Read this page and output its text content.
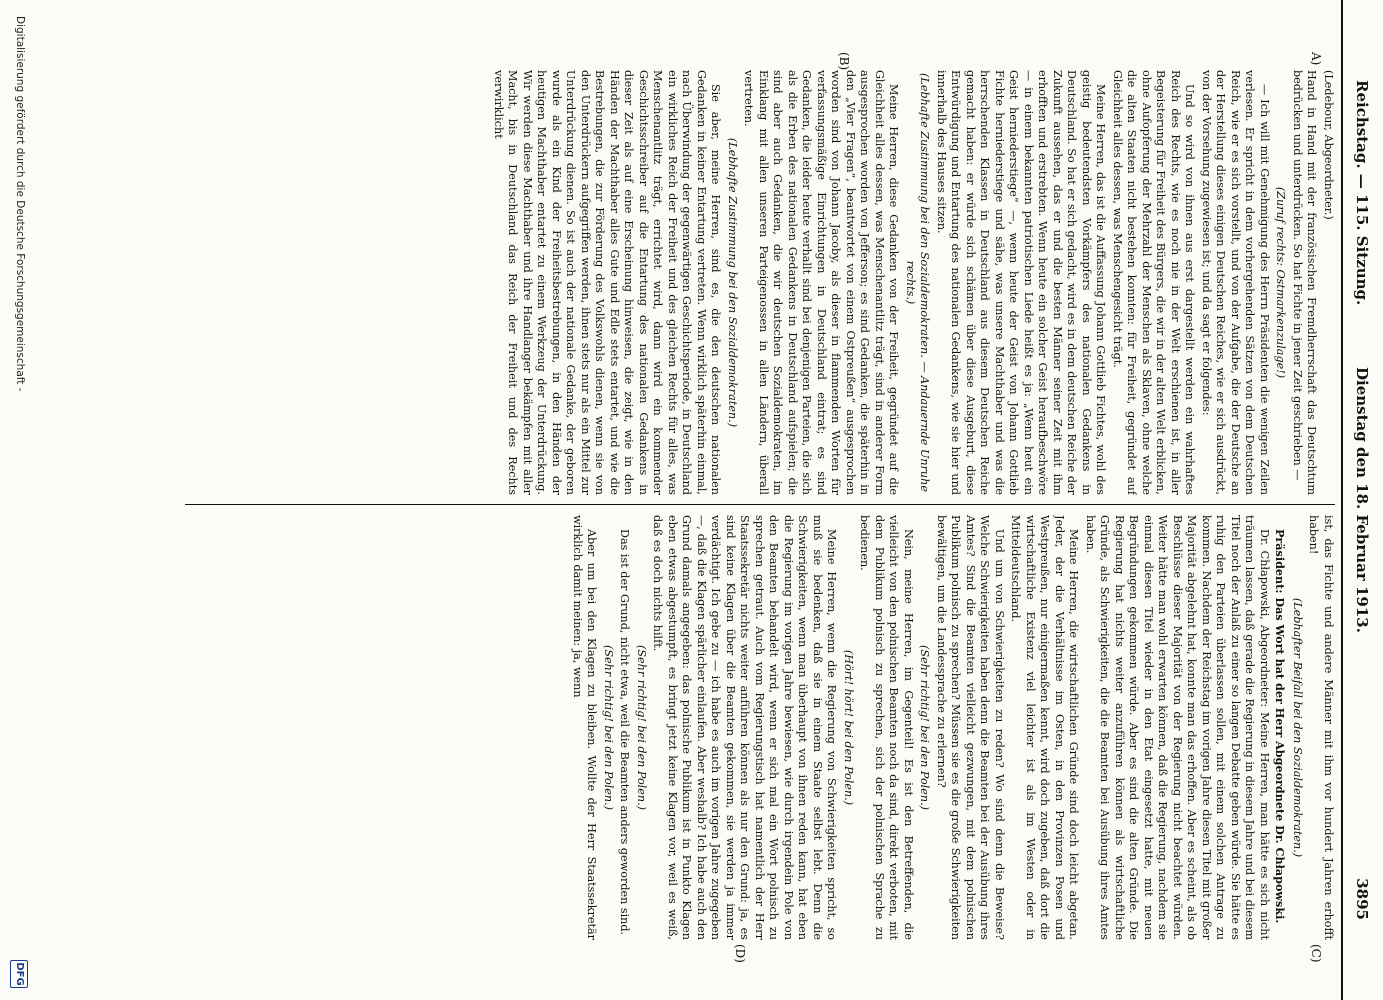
Reichstag. — 115. Sitzung.
Dienstag den 18. Februar 1913.
3895
A)
(B)
(C)
(D)

(Ledebour, Abgeordneter.)

Hand in Hand mit der französischen Fremdherrschaft das Deutschtum bedrücken und unterdrücken. So hat Fichte in jener Zeit geschrieben —

(Zuruf rechts: Ostmarkenzulage!)

— Ich will mit Genehmigung des Herrn Präsidenten die wenigen Zeilen verlesen. Er spricht in dem vorhergehenden Sätzen von dem Deutschen Reich, wie er es sich vorstellt, und von der Aufgabe, die der Deutsche an der Herstellung dieses einigen Deutschen Reiches, wie er sich ausdrückt, von der Vorsehung zugewiesen ist; und da sagt er folgendes:

Und so wird von ihnen aus erst dargestellt werden ein wahrhaftes Reich des Rechts, wie es noch nie in der Welt erschienen ist, in aller Begeisterung für Freiheit des Bürgers, die wir in der alten Welt erblicken, ohne Aufopferung der Mehrzahl der Menschen als Sklaven, ohne welche die alten Staaten nicht bestehen konnten: für Freiheit, gegründet auf Gleichheit alles dessen, was Menschengesicht trägt.

Meine Herren, das ist die Auffassung Johann Gottlieb Fichtes, wohl des geistig bedeutendsten Vorkämpfers des nationalen Gedankens in Deutschland. So hat er sich gedacht, wird es in dem deutschen Reiche der Zukunft aussehen, das er und die besten Männer seiner Zeit mit ihm erhofften und erstrebten. Wenn heute ein solcher Geist heraufbeschwöre — in einem bekannten patriotischen Liede heißt es ja: „Wenn heut ein Geist herniederstiege“ —, wenn heute der Geist von Johann Gottlieb Fichte herniederstiege und sähe, was unsere Machthaber und was die herrschenden Klassen in Deutschland aus diesem Deutschen Reiche gemacht haben: er würde sich schämen über diese Ausgeburt, diese Entwürdigung und Entartung des nationalen Gedankens, wie sie hier und innerhalb des Hauses sitzen.

(Lebhafte Zustimmung bei den Sozialdemokraten. — Andauernde Unruhe rechts.)

Meine Herren, diese Gedanken von der Freiheit, gegründet auf die Gleichheit alles dessen, was Menschenantlitz trägt, sind in anderer Form ausgesprochen worden von Jefferson; es sind Gedanken, die späterhin in den „Vier Fragen“, beantwortet von einem Ostpreußen“ ausgesprochen worden sind von Johann Jacoby, als dieser in flammenden Worten für verfassungsmäßige Einrichtungen in Deutschland eintrat; es sind Gedanken, die leider heute verhallt sind bei denjenigen Parteien, die sich als die Erben des nationalen Gedankens in Deutschland aufspielen; die sind aber auch Gedanken, die wir deutschen Sozialdemokraten, im Einklang mit allen unseren Parteigenossen in allen Ländern, überall vertreten.

(Lebhafte Zustimmung bei den Sozialdemokraten.)

Sie aber, meine Herren, sind es, die den deutschen nationalen Gedanken in keiner Entartung vertreten. Wenn wirklich späterhin einmal, nach Überwindung der gegenwärtigen Geschichtsperiode, in Deutschland ein wirkliches Reich der Freiheit und des gleichen Rechts für alles, was Menschenantlitz trägt, errichtet wird, dann wird ein kommender Geschichtsschreiber auf die Entartung des nationalen Gedankens in dieser Zeit als auf eine Erscheinung hinweisen, die zeigt, wie in den Händen der Machthaber alles Gute und Edle stets entartet, und wie die Bestrebungen, die zur Förderung des Volkswohls dienen, wenn sie von den Unterdrückern aufgegriffen werden, ihnen stets nur als ein Mittel zur Unterdrückung dienen. So ist auch der nationale Gedanke, der geboren wurde als ein Kind der Freiheitsbestrebungen, in den Händen der heutigen Machthaber entartet zu einem Werkzeug der Unterdrückung. Wir werden diese Machthaber und ihre Handlanger bekämpfen mit aller Macht, bis in Deutschland das Reich der Freiheit und des Rechts verwirklicht

ist, das Fichte und andere Männer mit ihm vor hundert Jahren erhofft haben!

(Lebhafter Beifall bei den Sozialdemokraten.)

Präsident: Das Wort hat der Herr Abgeordnete Dr. Chłapowski.

Dr. Chłapowski, Abgeordneter: Meine Herren, man hätte es sich nicht träumen lassen, daß gerade die Regierung in diesem Jahre und bei diesem Titel noch der Anlaß zu einer so langen Debatte geben würde. Sie hätte es ruhig den Parteien überlassen sollen, mit einem solchen Antrage zu kommen. Nachdem der Reichstag im vorigen Jahre diesen Titel mit großer Majorität abgelehnt hat, konnte man das erhoffen. Aber es scheint, als ob Beschlüsse dieser Majorität von der Regierung nicht beachtet würden. Weiter hätte man wohl erwarten können, daß die Regierung, nachdem sie einmal diesen Titel wieder in den Etat eingesetzt hatte, mit neuen Begründungen gekommen würde. Aber es sind die alten Gründe. Die Regierung hat nichts weiter anzuführen können als wirtschaftliche Gründe, als Schwierigkeiten, die die Beamten bei Ausübung ihres Amtes haben.

Meine Herren, die wirtschaftlichen Gründe sind doch leicht abgetan. Jeder, der die Verhältnisse im Osten, in den Provinzen Posen und Westpreußen, nur einigermaßen kennt, wird doch zugeben, daß dort die wirtschaftliche Existenz viel leichter ist als im Westen oder in Mitteldeutschland.

Und um von Schwierigkeiten zu reden? Wo sind denn die Beweise? Welche Schwierigkeiten haben denn die Beamten bei der Ausübung ihres Amtes? Sind die Beamten vielleicht gezwungen, mit dem polnischen Publikum polnisch zu sprechen? Müssen sie es die große Schwierigkeiten bewältigen, um die Landessprache zu erlernen?

(Sehr richtig! bei den Polen.)

Nein, meine Herren, im Gegenteil! Es ist den Betreffenden, die vielleicht von den polnischen Beamten noch da sind, direkt verboten, mit dem Publikum polnisch zu sprechen, sich der polnischen Sprache zu bedienen.

(Hört! hört! bei den Polen.)

Meine Herren, wenn die Regierung von Schwierigkeiten spricht, so muß sie bedenken, daß sie in einem Staate selbst lebt. Denn die Schwierigkeiten, wenn man überhaupt von ihnen reden kann, hat eben die Regierung im vorigen Jahre bewiesen, wie durch irgendein Pole von den Beamten behandelt wird, wenn er sich mal ein Wort polnisch zu sprechen getraut. Auch vom Regierungstisch hat namentlich der Herr Staatssekretär nichts weiter anführen können als nur den Grund: ja, es sind keine Klagen über die Beamten gekommen, sie werden ja immer verdächtigt. Ich gebe zu — ich habe es auch im vorigen Jahre zugegeben —, daß die Klagen spärlicher einlaufen. Aber weshalb? Ich habe auch den Grund damals angegeben: das polnische Publikum ist in Punkto Klagen eben etwas abgestumpft, es bringt jetzt keine Klagen vor, weil es weiß, daß es doch nichts hilft.

(Sehr richtig! bei den Polen.)

Das ist der Grund, nicht etwa, weil die Beamten anders geworden sind.

(Sehr richtig! bei den Polen.)

Aber um bei den Klagen zu bleiben. Wollte der Herr Staatssekretär wirklich damit meinen: ja, wenn

Digitalisierung gefördert durch die Deutsche Forschungsgemeinschaft -
DFG
